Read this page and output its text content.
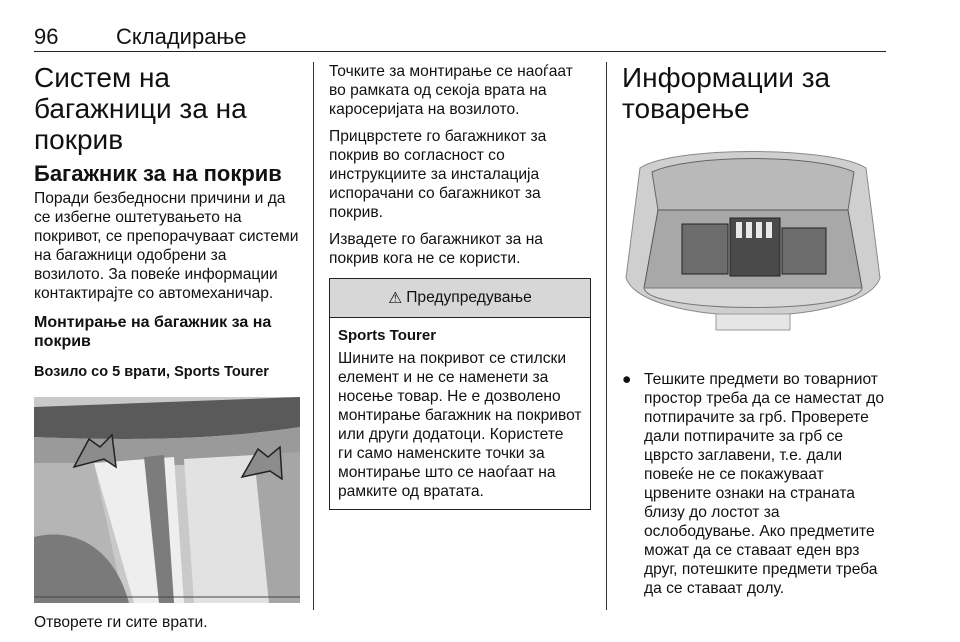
96	Складирање
Систем на багажници за на покрив
Багажник за на покрив

Поради безбедносни причини и да се избегне оштетувањето на покривот, се препорачуваат системи на багажници одобрени за возилото. За повеќе информации контактирајте со автомеханичар.

Монтирање на багажник за на покрив
Возило со 5 врати, Sports Tourer

Отворете ги сите врати.

Точките за монтирање се наоѓаат во рамката од секоја врата на каросеријата на возилото.

Прицврстете го багажникот за покрив во согласност со инструкциите за инсталација испорачани со багажникот за покрив.

Извадете го багажникот за на покрив кога не се користи.

⚠ Предупредување

Sports Tourer

Шините на покривот се стилски елемент и не се наменети за носење товар. Не е дозволено монтирање багажник на покривот или други додатоци. Користете ги само наменските точки за монтирање што се наоѓаат на рамките од вратата.

Информации за товарење
● Тешките предмети во товарниот простор треба да се наместат до потпирачите за грб. Проверете дали потпирачите за грб се цврсто заглавени, т.е. дали повеќе не се покажуваат црвените ознаки на страната близу до лостот за ослободување. Ако предметите можат да се ставаат еден врз друг, потешките предмети треба да се ставаат долу.
